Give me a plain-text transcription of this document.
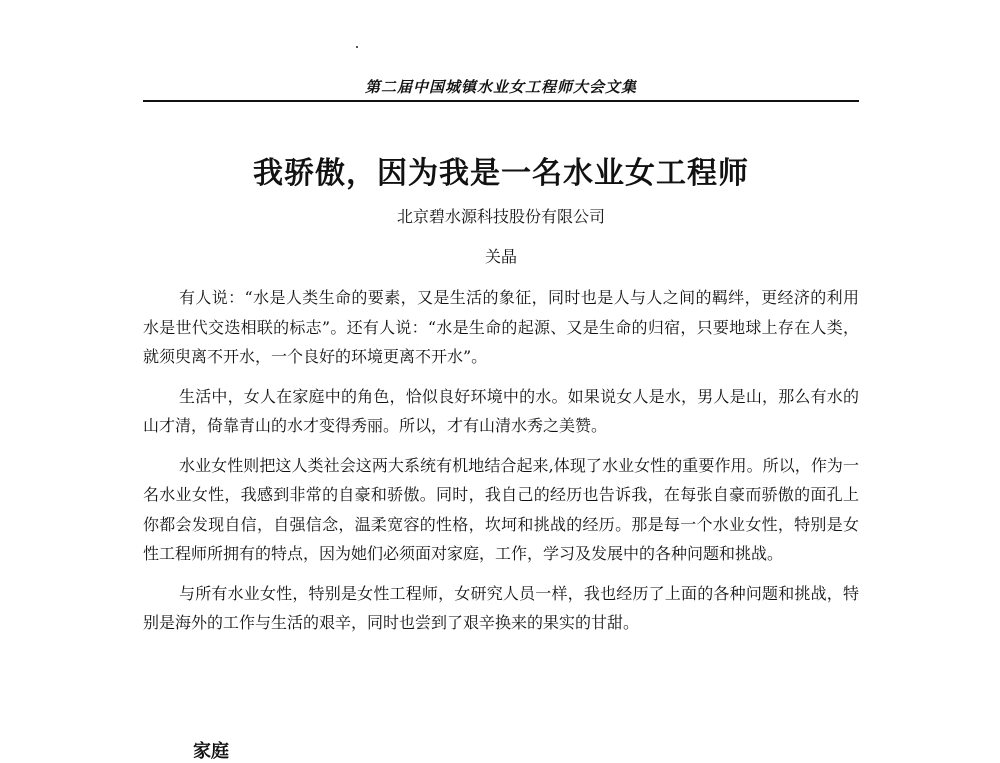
第二届中国城镇水业女工程师大会文集
我骄傲，因为我是一名水业女工程师
北京碧水源科技股份有限公司
关晶

有人说：“水是人类生命的要素，又是生活的象征，同时也是人与人之间的羁绊，更经济的利用水是世代交迭相联的标志”。还有人说：“水是生命的起源、又是生命的归宿，只要地球上存在人类，就须臾离不开水，一个良好的环境更离不开水”。

生活中，女人在家庭中的角色，恰似良好环境中的水。如果说女人是水，男人是山，那么有水的山才清，倚靠青山的水才变得秀丽。所以，才有山清水秀之美赞。

水业女性则把这人类社会这两大系统有机地结合起来,体现了水业女性的重要作用。所以，作为一名水业女性，我感到非常的自豪和骄傲。同时，我自己的经历也告诉我，在每张自豪而骄傲的面孔上你都会发现自信，自强信念，温柔宽容的性格，坎坷和挑战的经历。那是每一个水业女性，特别是女性工程师所拥有的特点，因为她们必须面对家庭，工作，学习及发展中的各种问题和挑战。

与所有水业女性，特别是女性工程师，女研究人员一样，我也经历了上面的各种问题和挑战，特别是海外的工作与生活的艰辛，同时也尝到了艰辛换来的果实的甘甜。

家庭
